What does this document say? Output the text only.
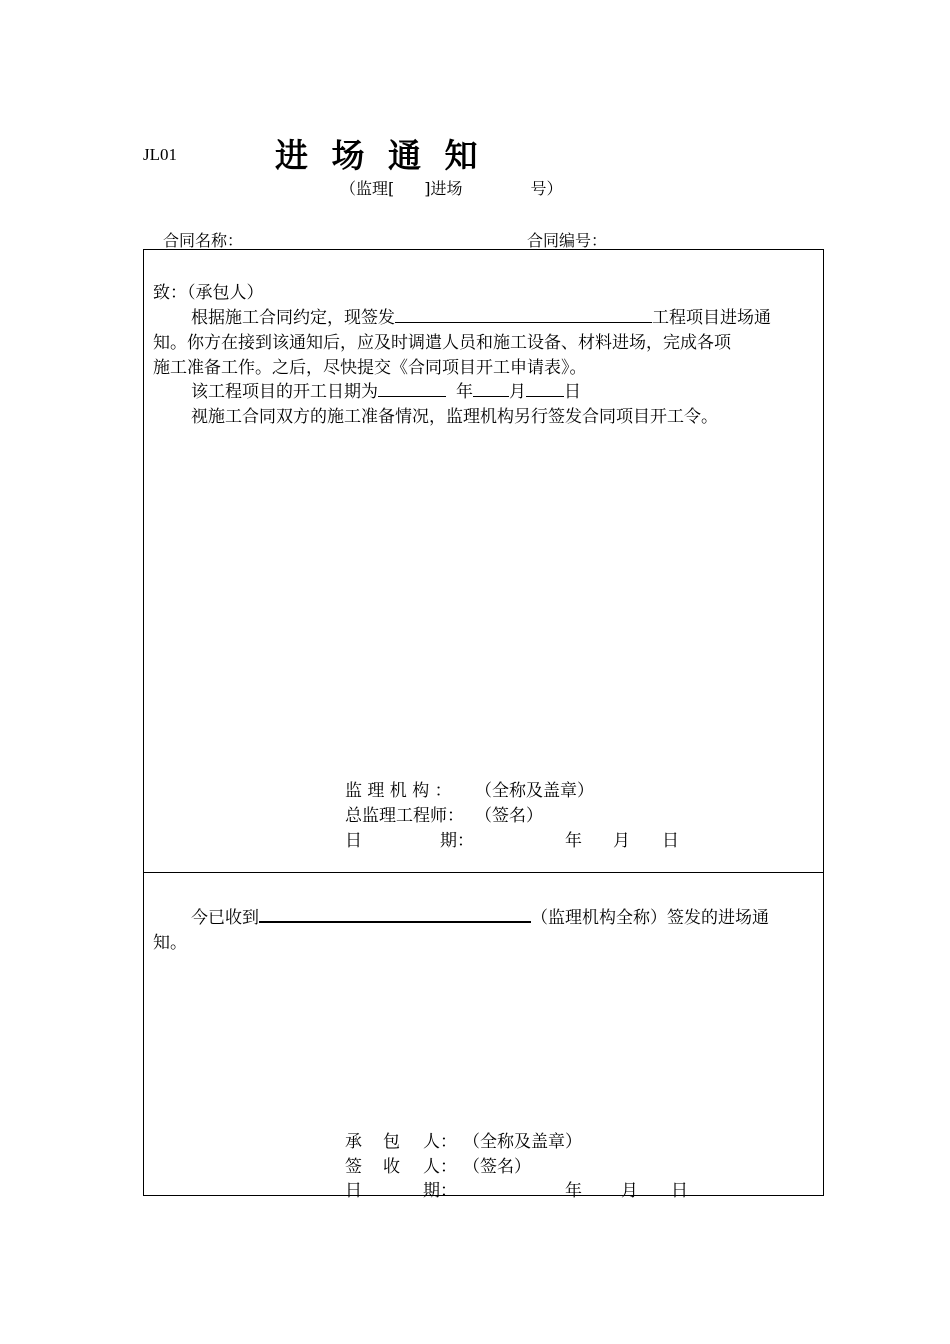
JL01	进 场 通 知
（监理[ ]进场	号）
合同名称：	合同编号：
致：（承包人）
根据施工合同约定，现签发	工程项目进场通
知。你方在接到该通知后，应及时调遣人员和施工设备、材料进场，完成各项
施工准备工作。之后，尽快提交《合同项目开工申请表》。
该工程项目的开工日期为	年 月 日
视施工合同双方的施工准备情况，监理机构另行签发合同项目开工令。
监 理 机 构 ： （全称及盖章）
总监理工程师： （签名）
日	期：	年 月 日
今已收到	（监理机构全称）签发的进场通
知。
承 包 人： （全称及盖章）
签 收 人： （签名）
日	期：	年 月 日
